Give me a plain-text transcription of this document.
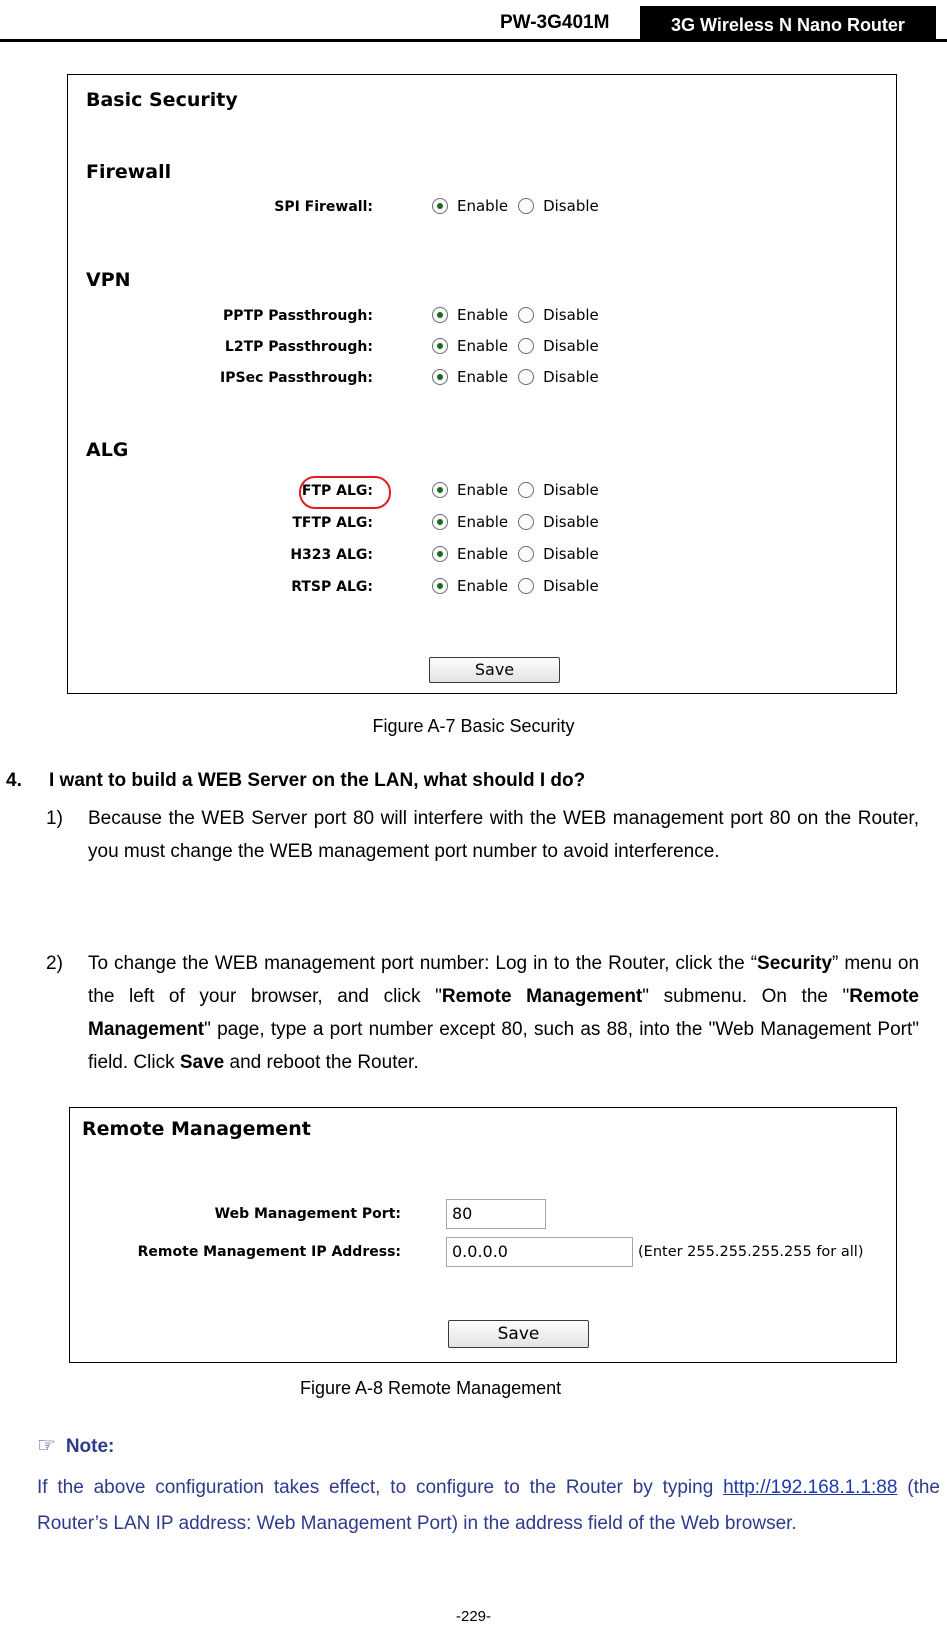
PW-3G401M	3G Wireless N Nano Router
Basic Security
Firewall
SPI Firewall:	Enable Disable
VPN
PPTP Passthrough:	Enable Disable
L2TP Passthrough:	Enable Disable
IPSec Passthrough:	Enable Disable
ALG
FTP ALG:	Enable Disable
TFTP ALG:	Enable Disable
H323 ALG:	Enable Disable
RTSP ALG:	Enable Disable
Save
Figure A-7 Basic Security
4. I want to build a WEB Server on the LAN, what should I do?
1) Because the WEB Server port 80 will interfere with the WEB management port 80 on the Router, you must change the WEB management port number to avoid interference.
2) To change the WEB management port number: Log in to the Router, click the “Security” menu on the left of your browser, and click "Remote Management" submenu. On the "Remote Management" page, type a port number except 80, such as 88, into the "Web Management Port" field. Click Save and reboot the Router.
Remote Management
Web Management Port:	80
Remote Management IP Address:	0.0.0.0	(Enter 255.255.255.255 for all)
Save
Figure A-8 Remote Management
☞ Note:
If the above configuration takes effect, to configure to the Router by typing http://192.168.1.1:88 (the Router’s LAN IP address: Web Management Port) in the address field of the Web browser.
-229-
